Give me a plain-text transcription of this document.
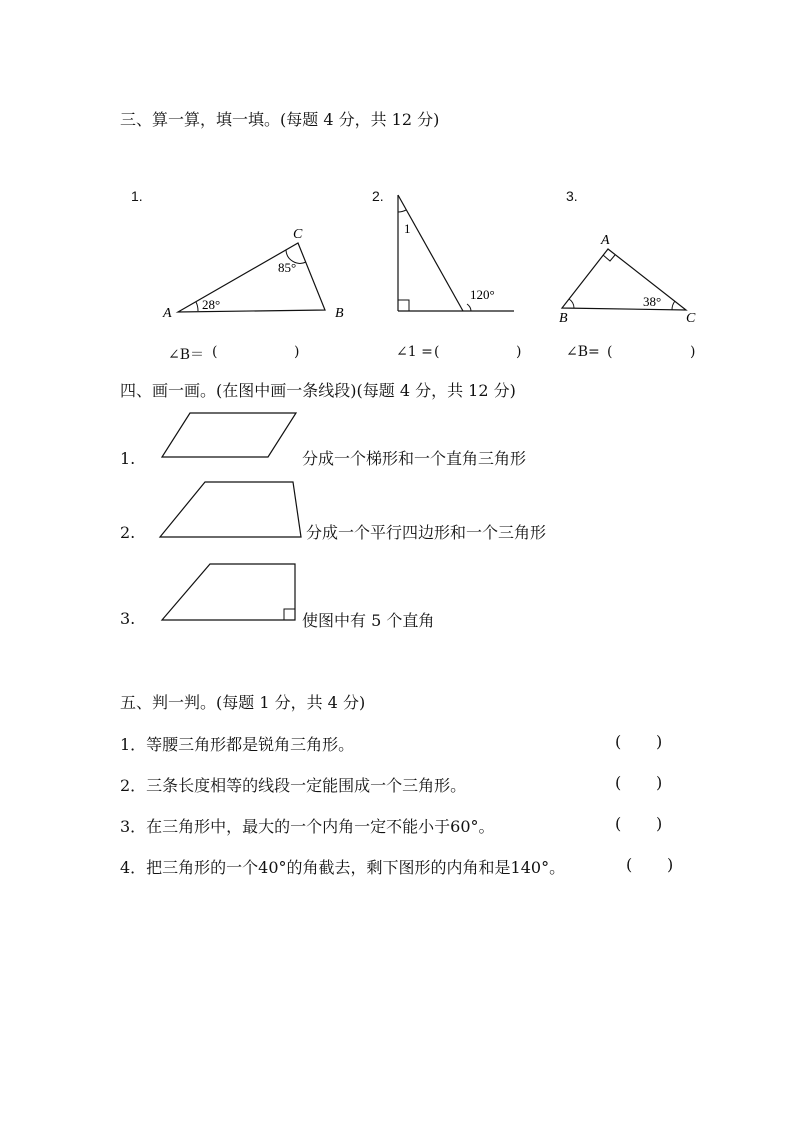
三、算一算，填一填。(每题 4 分，共 12 分)
1.	2.	3.
A	B
C
28°
85°
1
120°
A
B	C
38°
∠B＝ (	)	∠1 = (	)	∠B= (	)
四、画一画。(在图中画一条线段)(每题 4 分，共 12 分)
1.	分成一个梯形和一个直角三角形
2.	分成一个平行四边形和一个三角形
3.	使图中有 5 个直角
五、判一判。(每题 1 分，共 4 分)
1．等腰三角形都是锐角三角形。	( )
2．三条长度相等的线段一定能围成一个三角形。	( )
3．在三角形中，最大的一个内角一定不能小于60°。	( )
4．把三角形的一个40°的角截去，剩下图形的内角和是140°。	( )
